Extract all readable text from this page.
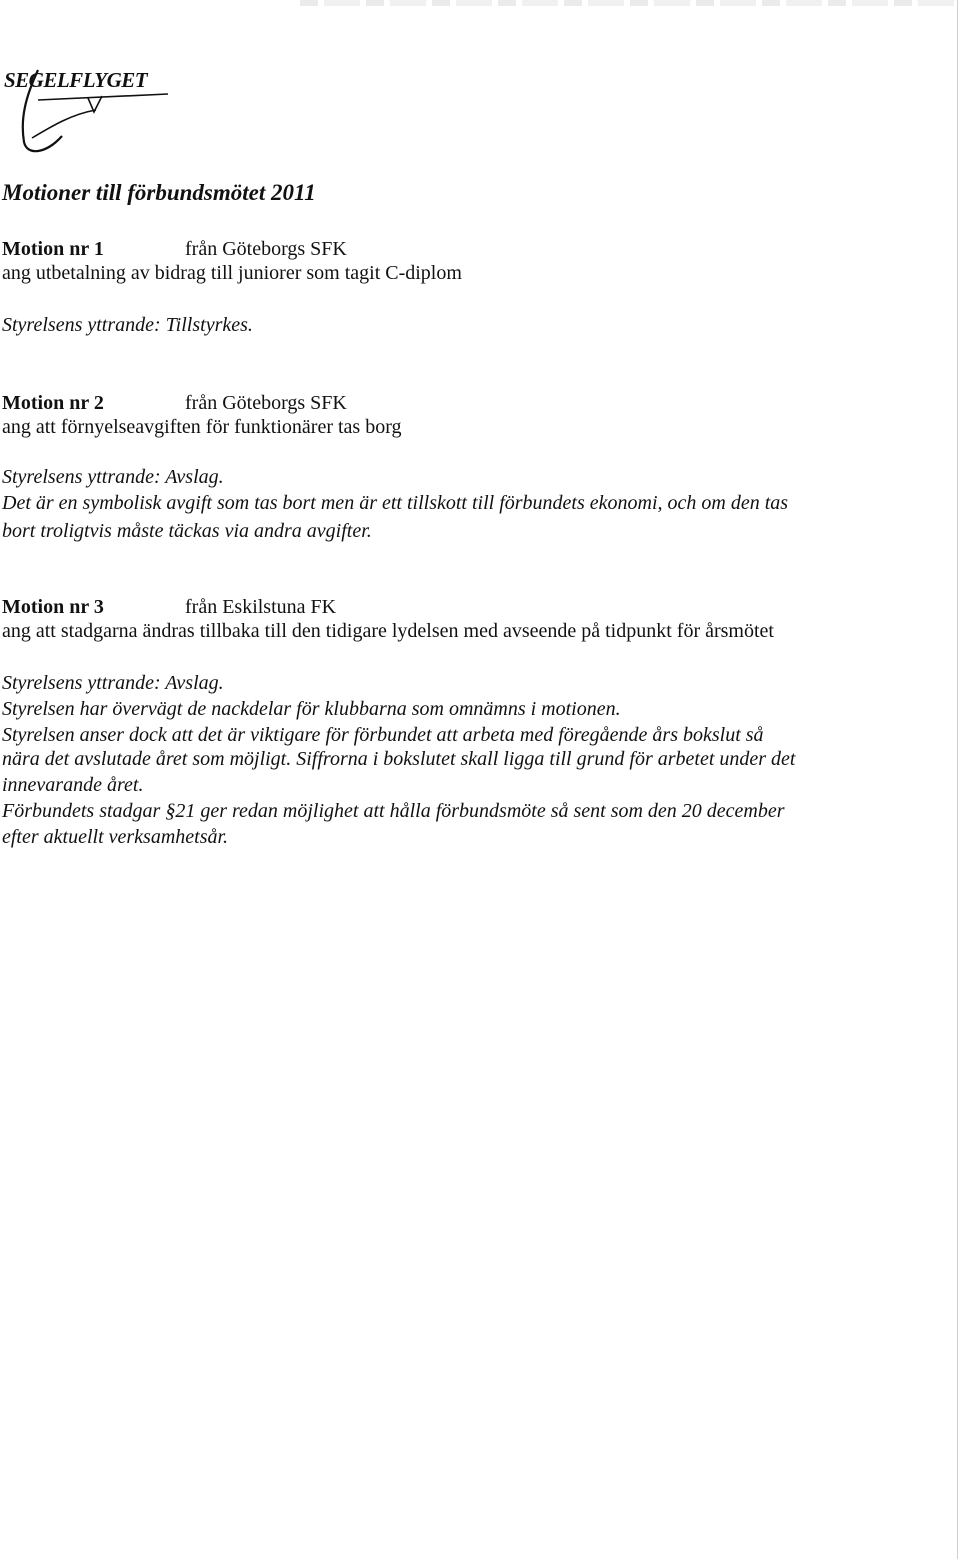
SEGELFLYGET
Motioner till förbundsmötet 2011
Motion nr 1	från Göteborgs SFK
ang utbetalning av bidrag till juniorer som tagit C-diplom
Styrelsens yttrande: Tillstyrkes.
Motion nr 2	från Göteborgs SFK
ang att förnyelseavgiften för funktionärer tas borg
Styrelsens yttrande: Avslag.
Det är en symbolisk avgift som tas bort men är ett tillskott till förbundets ekonomi, och om den tas
bort troligtvis måste täckas via andra avgifter.
Motion nr 3	från Eskilstuna FK
ang att stadgarna ändras tillbaka till den tidigare lydelsen med avseende på tidpunkt för årsmötet
Styrelsens yttrande: Avslag.
Styrelsen har övervägt de nackdelar för klubbarna som omnämns i motionen.
Styrelsen anser dock att det är viktigare för förbundet att arbeta med föregående års bokslut så
nära det avslutade året som möjligt. Siffrorna i bokslutet skall ligga till grund för arbetet under det
innevarande året.
Förbundets stadgar §21 ger redan möjlighet att hålla förbundsmöte så sent som den 20 december
efter aktuellt verksamhetsår.
